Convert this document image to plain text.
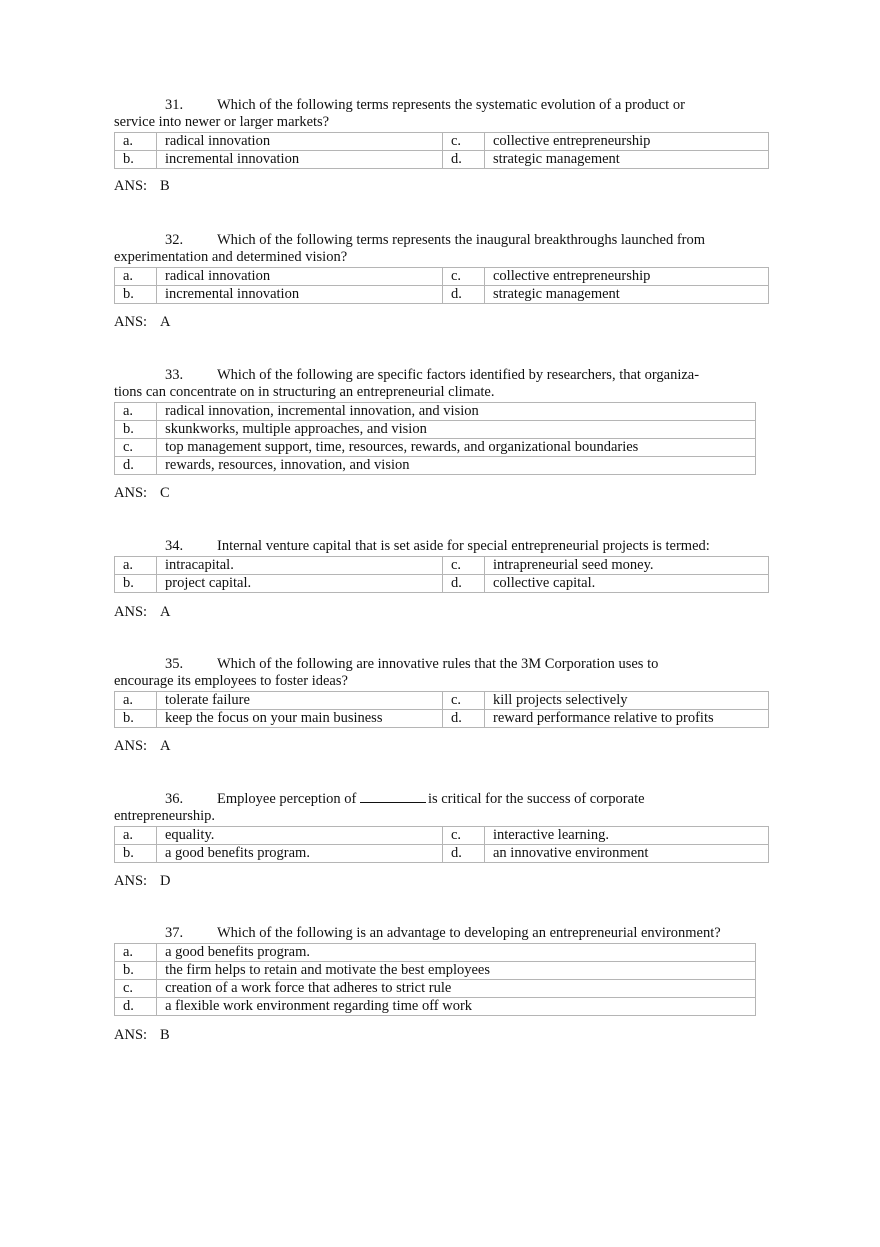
31. Which of the following terms represents the systematic evolution of a product or
service into newer or larger markets?

a.	radical innovation	c.	collective entrepreneurship
b.	incremental innovation	d.	strategic management
ANS: B

32. Which of the following terms represents the inaugural breakthroughs launched from
experimentation and determined vision?

a.	radical innovation	c.	collective entrepreneurship
b.	incremental innovation	d.	strategic management
ANS: A

33. Which of the following are specific factors identified by researchers, that organiza-
tions can concentrate on in structuring an entrepreneurial climate.

a.	radical innovation, incremental innovation, and vision
b.	skunkworks, multiple approaches, and vision
c.	top management support, time, resources, rewards, and organizational boundaries
d.	rewards, resources, innovation, and vision
ANS: C

34. Internal venture capital that is set aside for special entrepreneurial projects is termed:

a.	intracapital.	c.	intrapreneurial seed money.
b.	project capital.	d.	collective capital.
ANS: A

35. Which of the following are innovative rules that the 3M Corporation uses to
encourage its employees to foster ideas?

a.	tolerate failure	c.	kill projects selectively
b.	keep the focus on your main business	d.	reward performance relative to profits
ANS: A

36. Employee perception of	is critical for the success of corporate
entrepreneurship.

a.	equality.	c.	interactive learning.
b.	a good benefits program.	d.	an innovative environment
ANS: D

37. Which of the following is an advantage to developing an entrepreneurial environment?

a.	a good benefits program.
b.	the firm helps to retain and motivate the best employees
c.	creation of a work force that adheres to strict rule
d.	a flexible work environment regarding time off work
ANS: B
